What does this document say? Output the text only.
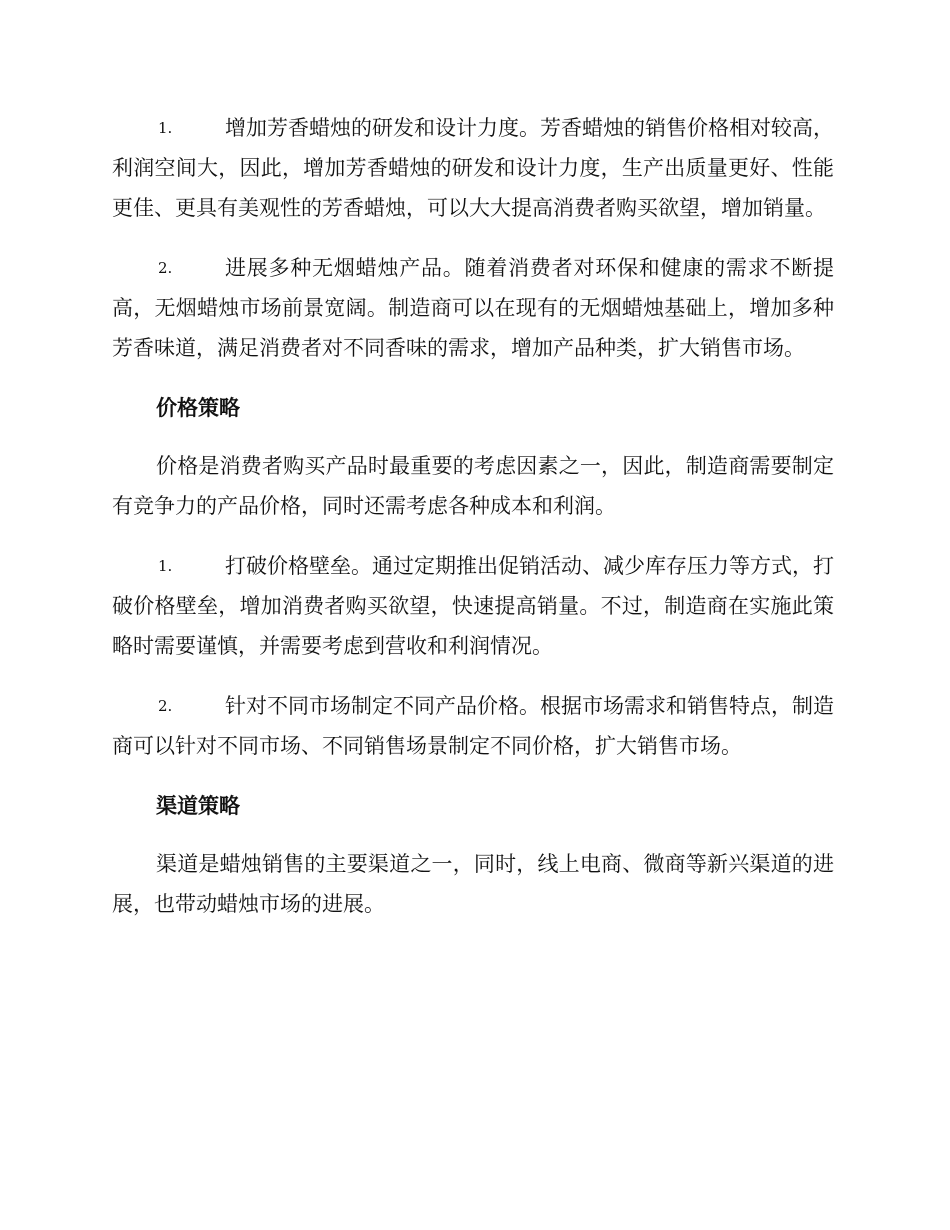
1.	增加芳香蜡烛的研发和设计力度。芳香蜡烛的销售价格相对较高，利润空间大，因此，增加芳香蜡烛的研发和设计力度，生产出质量更好、性能更佳、更具有美观性的芳香蜡烛，可以大大提高消费者购买欲望，增加销量。

2.	进展多种无烟蜡烛产品。随着消费者对环保和健康的需求不断提高，无烟蜡烛市场前景宽阔。制造商可以在现有的无烟蜡烛基础上，增加多种芳香味道，满足消费者对不同香味的需求，增加产品种类，扩大销售市场。

价格策略

价格是消费者购买产品时最重要的考虑因素之一，因此，制造商需要制定有竞争力的产品价格，同时还需考虑各种成本和利润。

1.	打破价格壁垒。通过定期推出促销活动、减少库存压力等方式，打破价格壁垒，增加消费者购买欲望，快速提高销量。不过，制造商在实施此策略时需要谨慎，并需要考虑到营收和利润情况。

2.	针对不同市场制定不同产品价格。根据市场需求和销售特点，制造商可以针对不同市场、不同销售场景制定不同价格，扩大销售市场。

渠道策略

渠道是蜡烛销售的主要渠道之一，同时，线上电商、微商等新兴渠道的进展，也带动蜡烛市场的进展。
